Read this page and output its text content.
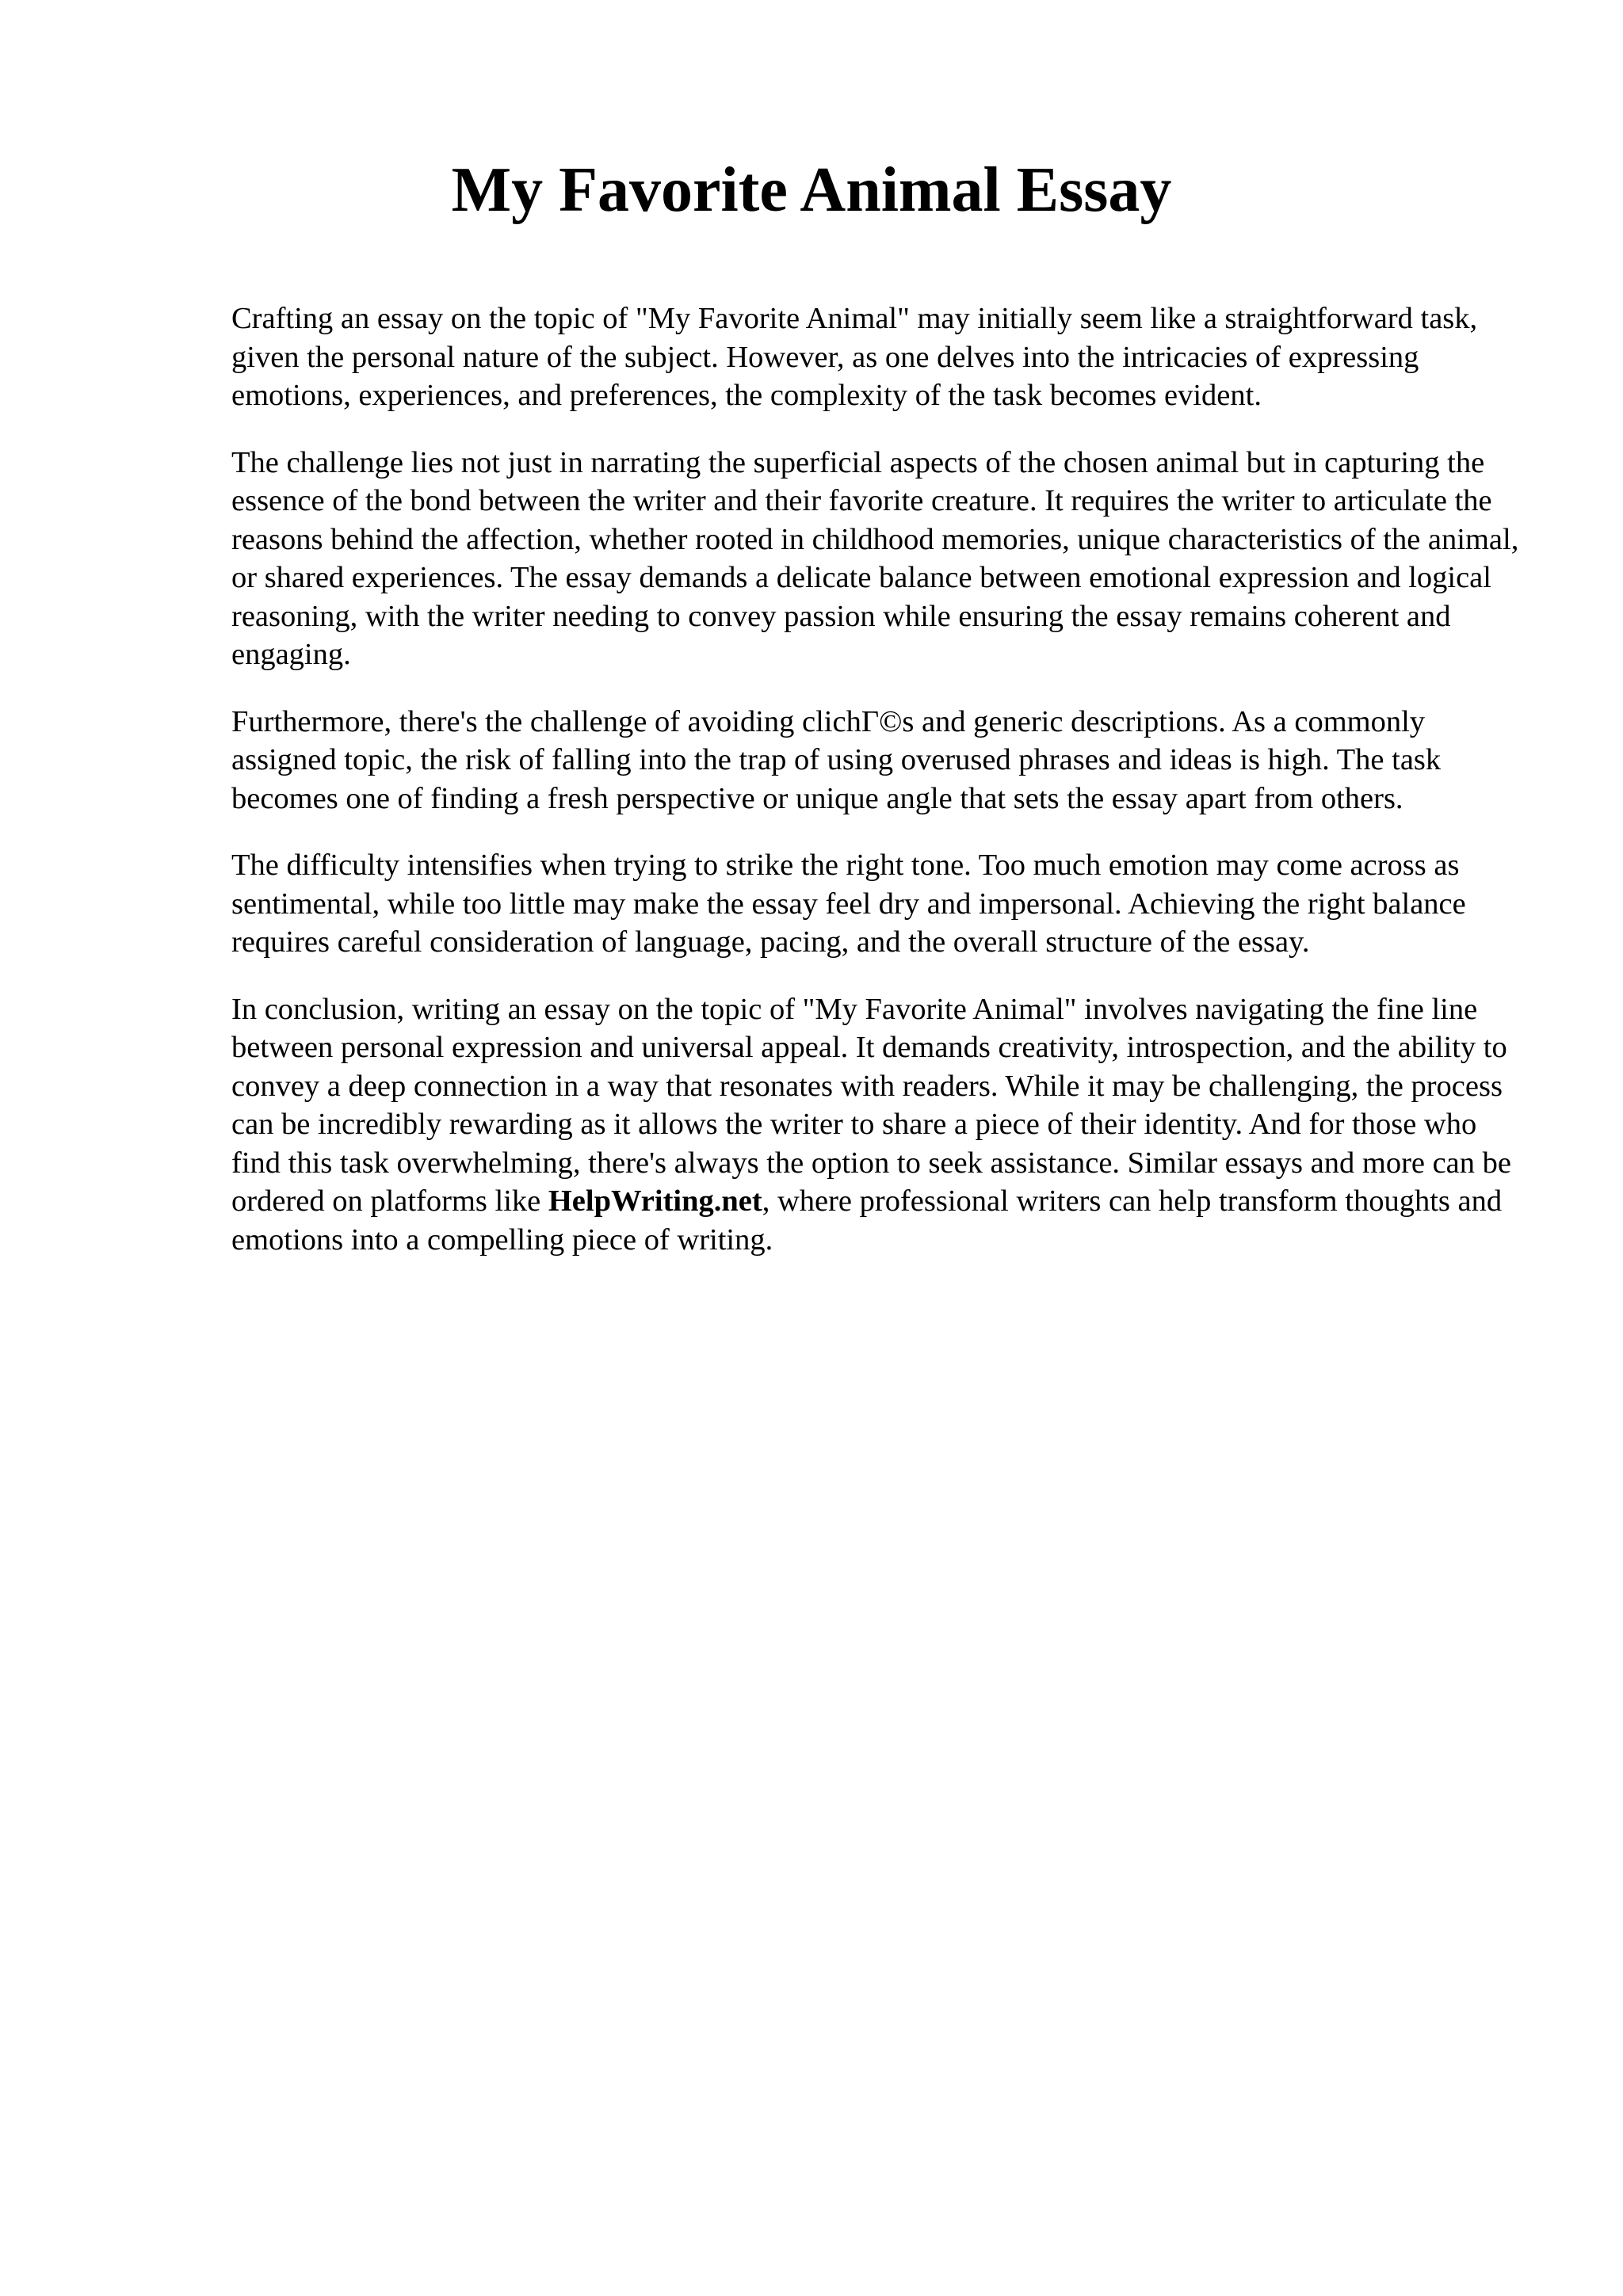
My Favorite Animal Essay

Crafting an essay on the topic of "My Favorite Animal" may initially seem like a straightforward task, given the personal nature of the subject. However, as one delves into the intricacies of expressing emotions, experiences, and preferences, the complexity of the task becomes evident.

The challenge lies not just in narrating the superficial aspects of the chosen animal but in capturing the essence of the bond between the writer and their favorite creature. It requires the writer to articulate the reasons behind the affection, whether rooted in childhood memories, unique characteristics of the animal, or shared experiences. The essay demands a delicate balance between emotional expression and logical reasoning, with the writer needing to convey passion while ensuring the essay remains coherent and engaging.

Furthermore, there's the challenge of avoiding clichГ©s and generic descriptions. As a commonly assigned topic, the risk of falling into the trap of using overused phrases and ideas is high. The task becomes one of finding a fresh perspective or unique angle that sets the essay apart from others.

The difficulty intensifies when trying to strike the right tone. Too much emotion may come across as sentimental, while too little may make the essay feel dry and impersonal. Achieving the right balance requires careful consideration of language, pacing, and the overall structure of the essay.

In conclusion, writing an essay on the topic of "My Favorite Animal" involves navigating the fine line between personal expression and universal appeal. It demands creativity, introspection, and the ability to convey a deep connection in a way that resonates with readers. While it may be challenging, the process can be incredibly rewarding as it allows the writer to share a piece of their identity. And for those who find this task overwhelming, there's always the option to seek assistance. Similar essays and more can be ordered on platforms like HelpWriting.net, where professional writers can help transform thoughts and emotions into a compelling piece of writing.
